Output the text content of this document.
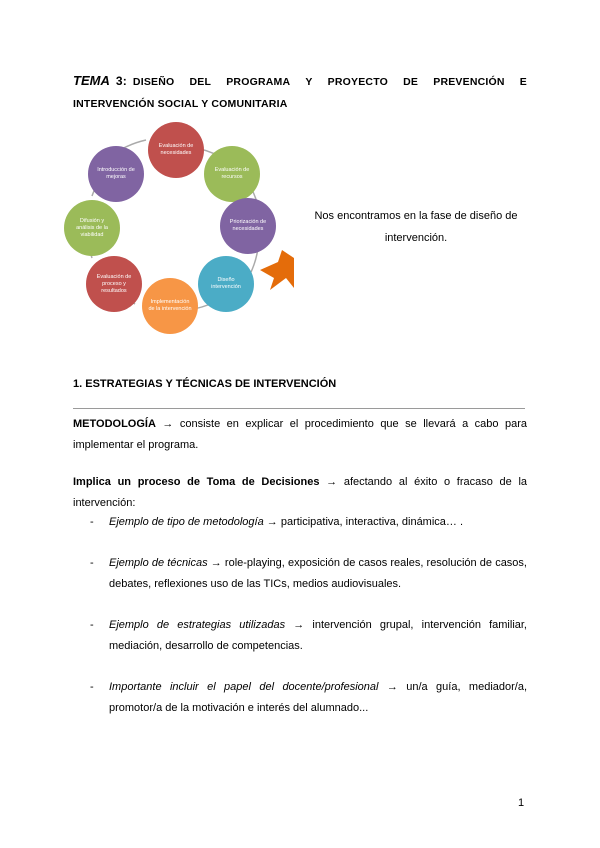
TEMA 3: DISEÑO DEL PROGRAMA Y PROYECTO DE PREVENCIÓN E
INTERVENCIÓN SOCIAL Y COMUNITARIA
Evaluación de necesidades
Evaluación de recursos
Priorización de necesidades
Diseño intervención
Implementación de la intervención
Evaluación de proceso y resultados
Difusión y análisis de la viabilidad
Introducción de mejoras
Nos encontramos en la fase de diseño de intervención.
1. ESTRATEGIAS Y TÉCNICAS DE INTERVENCIÓN
METODOLOGÍA → consiste en explicar el procedimiento que se llevará a cabo para implementar el programa.
Implica un proceso de Toma de Decisiones → afectando al éxito o fracaso de la intervención:
- Ejemplo de tipo de metodología → participativa, interactiva, dinámica… .
- Ejemplo de técnicas → role-playing, exposición de casos reales, resolución de casos, debates, reflexiones uso de las TICs, medios audiovisuales.
- Ejemplo de estrategias utilizadas → intervención grupal, intervención familiar, mediación, desarrollo de competencias.
- Importante incluir el papel del docente/profesional → un/a guía, mediador/a, promotor/a de la motivación e interés del alumnado...
1
